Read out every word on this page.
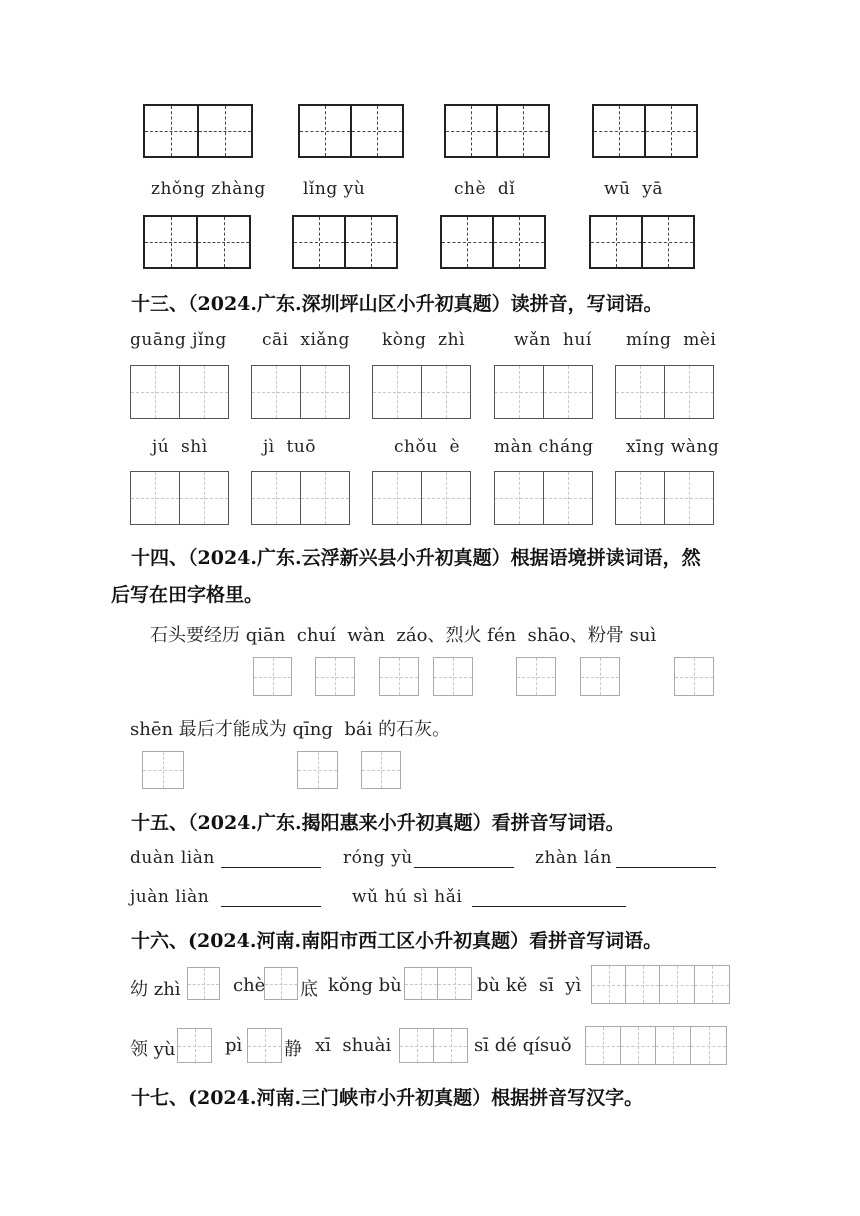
zhǒng zhàng lǐng yù	chè  dǐ	wū  yā
十三、（2024.广东.深圳坪山区小升初真题）读拼音，写词语。
guāng jǐng cāi  xiǎng kòng  zhì	wǎn  huí míng  mèi
jú  shì	jì  tuō	chǒu  è màn cháng xīng wàng
十四、（2024.广东.云浮新兴县小升初真题）根据语境拼读词语，然
后写在田字格里。
石头要经历 qiān  chuí  wàn  záo、烈火 fén  shāo、粉骨 suì
shēn 最后才能成为 qīng  bái 的石灰。
十五、（2024.广东.揭阳惠来小升初真题）看拼音写词语。
duàn liàn	róng yù	zhàn lán
juàn liàn	wǔ hú sì hǎi
十六、(2024.河南.南阳市西工区小升初真题）看拼音写词语。
幼 zhì	chè 底 kǒng bù	bù kě  sī  yì
领 yù	pì 静 xī  shuài	sī dé qísuǒ
十七、(2024.河南.三门峡市小升初真题）根据拼音写汉字。
